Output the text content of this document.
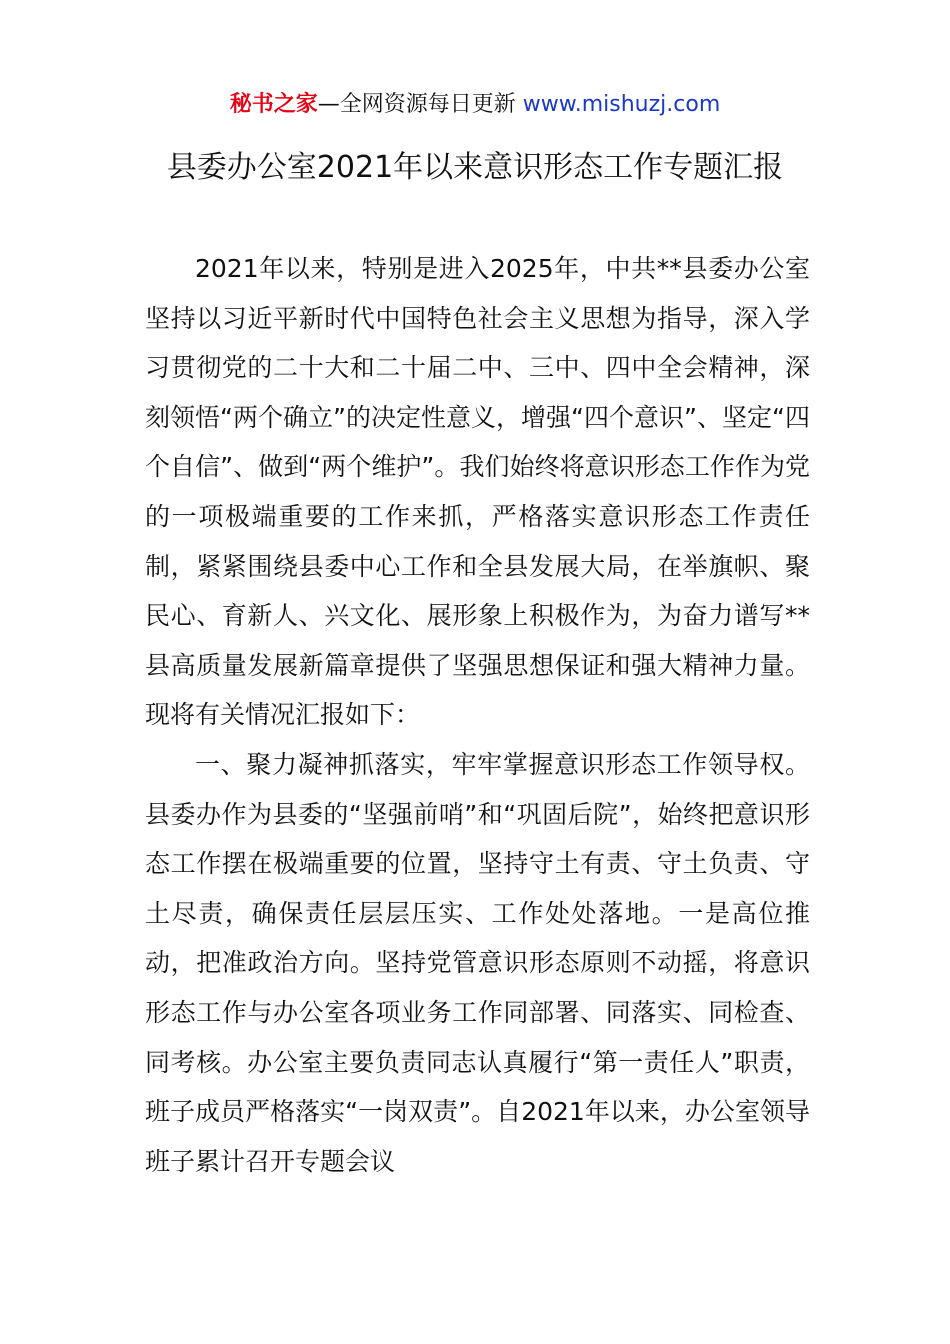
秘书之家—全网资源每日更新 www.mishuzj.com
县委办公室2021年以来意识形态工作专题汇报

2021年以来，特别是进入2025年，中共**县委办公室坚持以习近平新时代中国特色社会主义思想为指导，深入学习贯彻党的二十大和二十届二中、三中、四中全会精神，深刻领悟“两个确立”的决定性意义，增强“四个意识”、坚定“四个自信”、做到“两个维护”。我们始终将意识形态工作作为党的一项极端重要的工作来抓，严格落实意识形态工作责任制，紧紧围绕县委中心工作和全县发展大局，在举旗帜、聚民心、育新人、兴文化、展形象上积极作为，为奋力谱写**县高质量发展新篇章提供了坚强思想保证和强大精神力量。现将有关情况汇报如下：

一、聚力凝神抓落实，牢牢掌握意识形态工作领导权。县委办作为县委的“坚强前哨”和“巩固后院”，始终把意识形态工作摆在极端重要的位置，坚持守土有责、守土负责、守土尽责，确保责任层层压实、工作处处落地。一是高位推动，把准政治方向。坚持党管意识形态原则不动摇，将意识形态工作与办公室各项业务工作同部署、同落实、同检查、同考核。办公室主要负责同志认真履行“第一责任人”职责，班子成员严格落实“一岗双责”。自2021年以来，办公室领导班子累计召开专题会议
